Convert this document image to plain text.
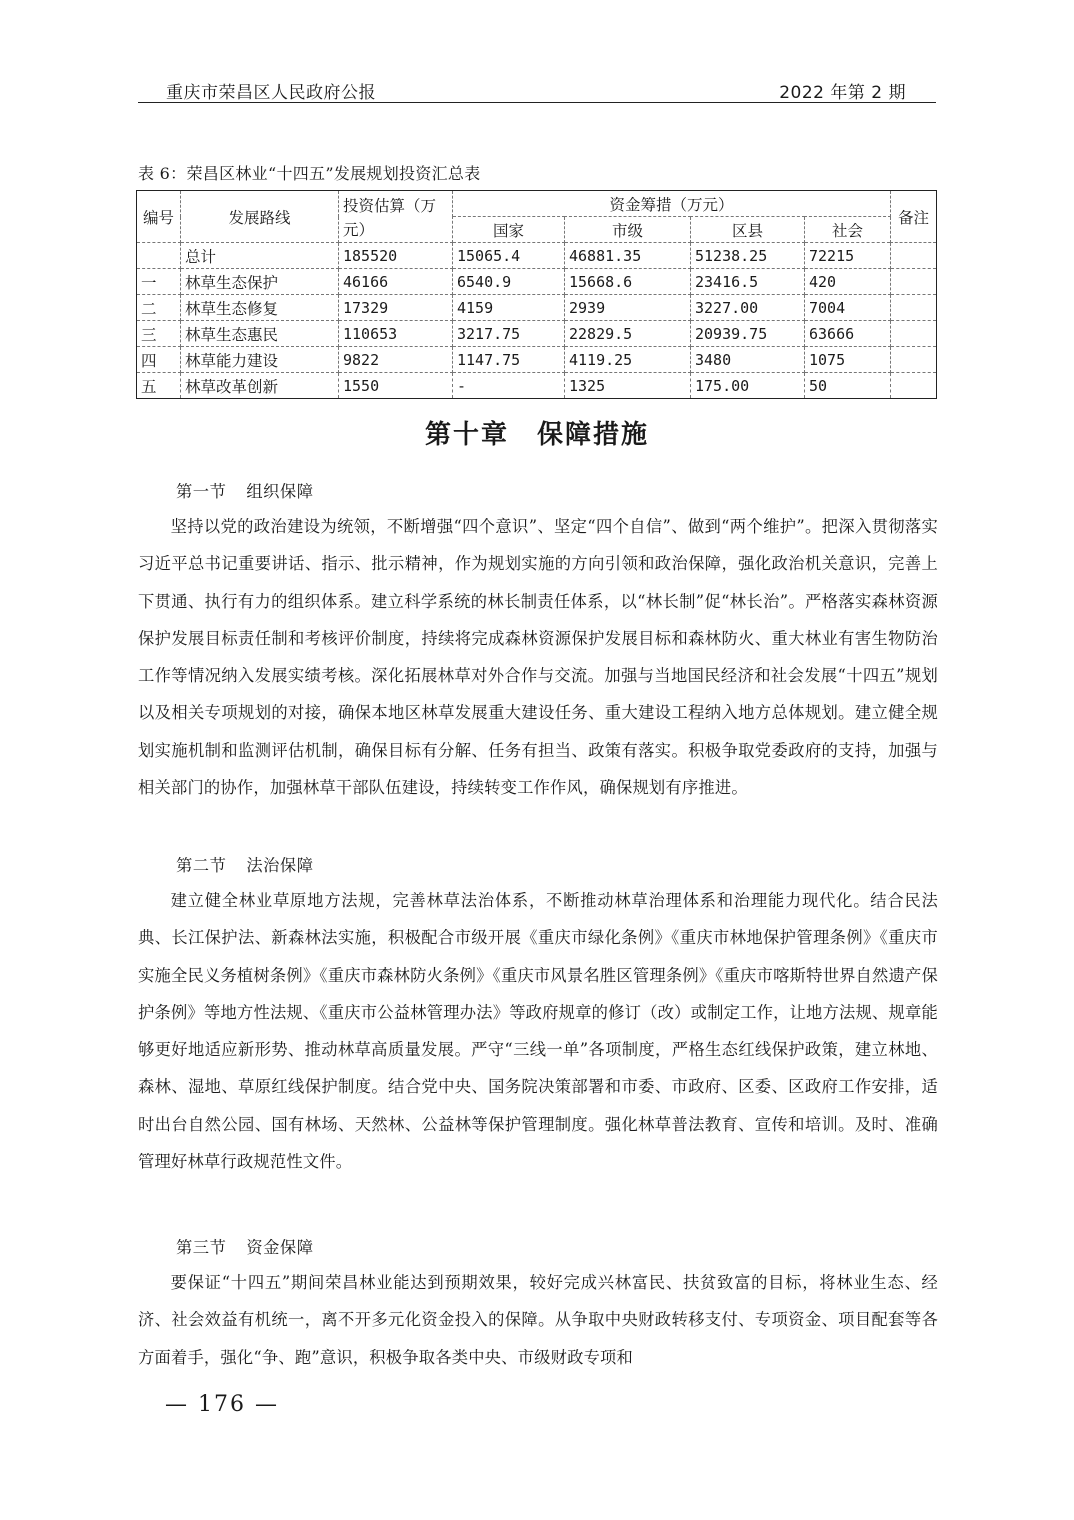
重庆市荣昌区人民政府公报	2022 年第 2 期
表 6：荣昌区林业“十四五”发展规划投资汇总表
编号	发展路线	投资估算（万元）	资金筹措（万元）				备注
			国家	市级	区县	社会	
	总计	185520	15065.4	46881.35	51238.25	72215	
一	林草生态保护	46166	6540.9	15668.6	23416.5	420	
二	林草生态修复	17329	4159	2939	3227.00	7004	
三	林草生态惠民	110653	3217.75	22829.5	20939.75	63666	
四	林草能力建设	9822	1147.75	4119.25	3480	1075	
五	林草改革创新	1550	-	1325	175.00	50	
第十章　保障措施
第一节 组织保障

坚持以党的政治建设为统领，不断增强“四个意识”、坚定“四个自信”、做到“两个维护”。把深入贯彻落实习近平总书记重要讲话、指示、批示精神，作为规划实施的方向引领和政治保障，强化政治机关意识，完善上下贯通、执行有力的组织体系。建立科学系统的林长制责任体系，以“林长制”促“林长治”。严格落实森林资源保护发展目标责任制和考核评价制度，持续将完成森林资源保护发展目标和森林防火、重大林业有害生物防治工作等情况纳入发展实绩考核。深化拓展林草对外合作与交流。加强与当地国民经济和社会发展“十四五”规划以及相关专项规划的对接，确保本地区林草发展重大建设任务、重大建设工程纳入地方总体规划。建立健全规划实施机制和监测评估机制，确保目标有分解、任务有担当、政策有落实。积极争取党委政府的支持，加强与相关部门的协作，加强林草干部队伍建设，持续转变工作作风，确保规划有序推进。

第二节 法治保障

建立健全林业草原地方法规，完善林草法治体系，不断推动林草治理体系和治理能力现代化。结合民法典、长江保护法、新森林法实施，积极配合市级开展《重庆市绿化条例》《重庆市林地保护管理条例》《重庆市实施全民义务植树条例》《重庆市森林防火条例》《重庆市风景名胜区管理条例》《重庆市喀斯特世界自然遗产保护条例》等地方性法规、《重庆市公益林管理办法》等政府规章的修订（改）或制定工作，让地方法规、规章能够更好地适应新形势、推动林草高质量发展。严守“三线一单”各项制度，严格生态红线保护政策，建立林地、森林、湿地、草原红线保护制度。结合党中央、国务院决策部署和市委、市政府、区委、区政府工作安排，适时出台自然公园、国有林场、天然林、公益林等保护管理制度。强化林草普法教育、宣传和培训。及时、准确管理好林草行政规范性文件。

第三节 资金保障

要保证“十四五”期间荣昌林业能达到预期效果，较好完成兴林富民、扶贫致富的目标，将林业生态、经济、社会效益有机统一，离不开多元化资金投入的保障。从争取中央财政转移支付、专项资金、项目配套等各方面着手，强化“争、跑”意识，积极争取各类中央、市级财政专项和

— 176 —
